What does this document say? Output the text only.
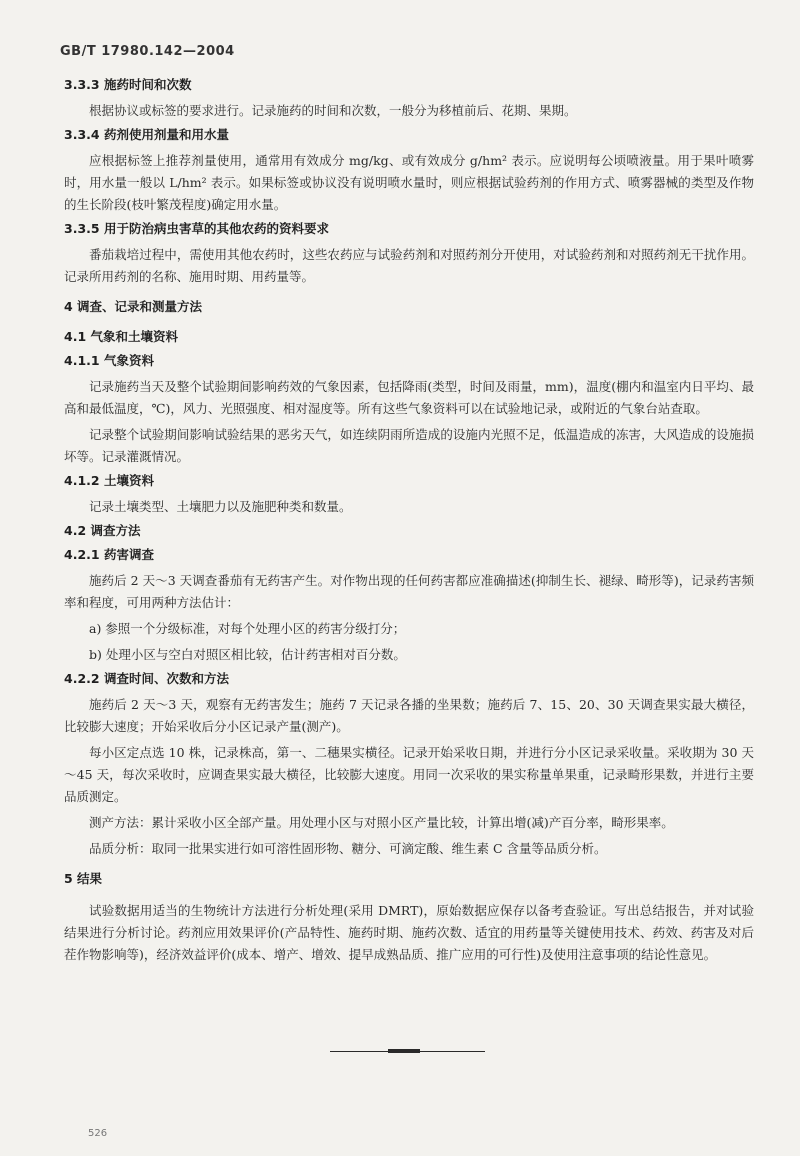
GB/T 17980.142—2004
3.3.3 施药时间和次数
根据协议或标签的要求进行。记录施药的时间和次数，一般分为移植前后、花期、果期。
3.3.4 药剂使用剂量和用水量
应根据标签上推荐剂量使用，通常用有效成分 mg/kg、或有效成分 g/hm² 表示。应说明每公顷喷液量。用于果叶喷雾时，用水量一般以 L/hm² 表示。如果标签或协议没有说明喷水量时，则应根据试验药剂的作用方式、喷雾器械的类型及作物的生长阶段(枝叶繁茂程度)确定用水量。
3.3.5 用于防治病虫害草的其他农药的资料要求
番茄栽培过程中，需使用其他农药时，这些农药应与试验药剂和对照药剂分开使用，对试验药剂和对照药剂无干扰作用。记录所用药剂的名称、施用时期、用药量等。
4 调查、记录和测量方法
4.1 气象和土壤资料
4.1.1 气象资料
记录施药当天及整个试验期间影响药效的气象因素，包括降雨(类型，时间及雨量，mm)，温度(棚内和温室内日平均、最高和最低温度，℃)，风力、光照强度、相对湿度等。所有这些气象资料可以在试验地记录，或附近的气象台站查取。
记录整个试验期间影响试验结果的恶劣天气，如连续阴雨所造成的设施内光照不足，低温造成的冻害，大风造成的设施损坏等。记录灌溉情况。
4.1.2 土壤资料
记录土壤类型、土壤肥力以及施肥种类和数量。
4.2 调查方法
4.2.1 药害调查
施药后 2 天～3 天调查番茄有无药害产生。对作物出现的任何药害都应准确描述(抑制生长、褪绿、畸形等)，记录药害频率和程度，可用两种方法估计：
a) 参照一个分级标准，对每个处理小区的药害分级打分；
b) 处理小区与空白对照区相比较，估计药害相对百分数。
4.2.2 调查时间、次数和方法
施药后 2 天～3 天，观察有无药害发生；施药 7 天记录各播的坐果数；施药后 7、15、20、30 天调查果实最大横径，比较膨大速度；开始采收后分小区记录产量(测产)。
每小区定点选 10 株，记录株高，第一、二穗果实横径。记录开始采收日期，并进行分小区记录采收量。采收期为 30 天～45 天，每次采收时，应调查果实最大横径，比较膨大速度。用同一次采收的果实称量单果重，记录畸形果数，并进行主要品质测定。
测产方法：累计采收小区全部产量。用处理小区与对照小区产量比较，计算出增(减)产百分率，畸形果率。
品质分析：取同一批果实进行如可溶性固形物、糖分、可滴定酸、维生素 C 含量等品质分析。
5 结果
试验数据用适当的生物统计方法进行分析处理(采用 DMRT)，原始数据应保存以备考查验证。写出总结报告，并对试验结果进行分析讨论。药剂应用效果评价(产品特性、施药时期、施药次数、适宜的用药量等关键使用技术、药效、药害及对后茬作物影响等)，经济效益评价(成本、增产、增效、提早成熟品质、推广应用的可行性)及使用注意事项的结论性意见。
526
